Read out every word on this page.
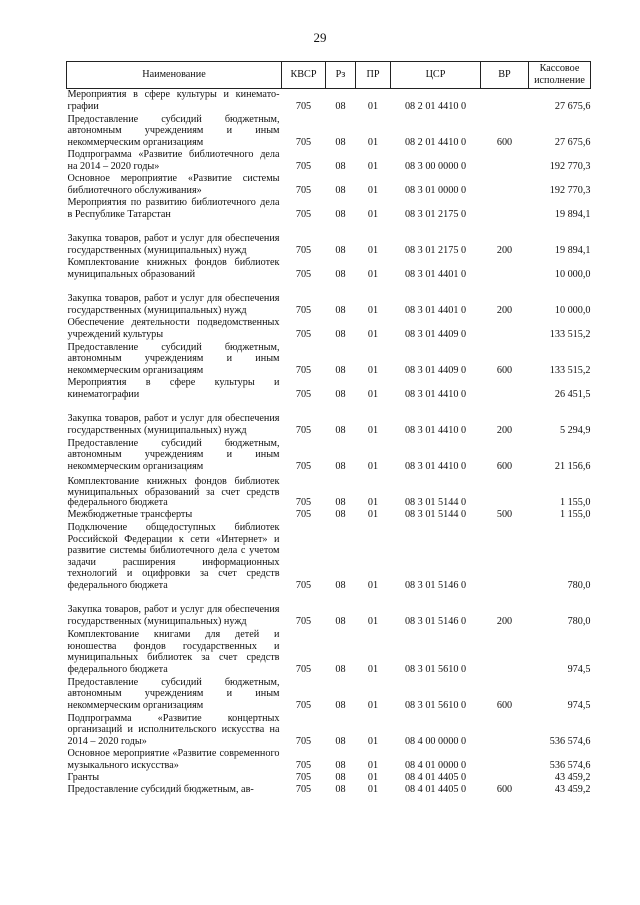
29
Наименование	КВСР	Рз	ПР	ЦСР	ВР	Кассовое исполнение
Мероприятия в сфере культуры и кинемато-графии	705	08	01	08 2 01 4410 0		27 675,6
Предоставление субсидий бюджетным, автономным учреждениям и иным некоммерческим организациям	705	08	01	08 2 01 4410 0	600	27 675,6
Подпрограмма «Развитие библиотечного дела на 2014 – 2020 годы»	705	08	01	08 3 00 0000 0		192 770,3
Основное мероприятие «Развитие системы библиотечного обслуживания»	705	08	01	08 3 01 0000 0		192 770,3
Мероприятия по развитию библиотечного дела в Республике Татарстан	705	08	01	08 3 01 2175 0		19 894,1
Закупка товаров, работ и услуг для обеспечения государственных (муниципальных) нужд	705	08	01	08 3 01 2175 0	200	19 894,1
Комплектование книжных фондов библиотек муниципальных образований	705	08	01	08 3 01 4401 0		10 000,0
Закупка товаров, работ и услуг для обеспечения государственных (муниципальных) нужд	705	08	01	08 3 01 4401 0	200	10 000,0
Обеспечение деятельности подведомственных учреждений культуры	705	08	01	08 3 01 4409 0		133 515,2
Предоставление субсидий бюджетным, автономным учреждениям и иным некоммерческим организациям	705	08	01	08 3 01 4409 0	600	133 515,2
Мероприятия в сфере культуры и кинематографии	705	08	01	08 3 01 4410 0		26 451,5
Закупка товаров, работ и услуг для обеспечения государственных (муниципальных) нужд	705	08	01	08 3 01 4410 0	200	5 294,9
Предоставление субсидий бюджетным, автономным учреждениям и иным некоммерческим организациям	705	08	01	08 3 01 4410 0	600	21 156,6
Комплектование книжных фондов библиотек муниципальных образований за счет средств федерального бюджета	705	08	01	08 3 01 5144 0		1 155,0
Межбюджетные трансферты	705	08	01	08 3 01 5144 0	500	1 155,0
Подключение общедоступных библиотек Российской Федерации к сети «Интернет» и развитие системы библиотечного дела с учетом задачи расширения информационных технологий и оцифровки за счет средств федерального бюджета	705	08	01	08 3 01 5146 0		780,0
Закупка товаров, работ и услуг для обеспечения государственных (муниципальных) нужд	705	08	01	08 3 01 5146 0	200	780,0
Комплектование книгами для детей и юношества фондов государственных и муниципальных библиотек за счет средств федерального бюджета	705	08	01	08 3 01 5610 0		974,5
Предоставление субсидий бюджетным, автономным учреждениям и иным некоммерческим организациям	705	08	01	08 3 01 5610 0	600	974,5
Подпрограмма «Развитие концертных организаций и исполнительского искусства на 2014 – 2020 годы»	705	08	01	08 4 00 0000 0		536 574,6
Основное мероприятие «Развитие современного музыкального искусства»	705	08	01	08 4 01 0000 0		536 574,6
Гранты	705	08	01	08 4 01 4405 0		43 459,2
Предоставление субсидий бюджетным, ав-	705	08	01	08 4 01 4405 0	600	43 459,2
